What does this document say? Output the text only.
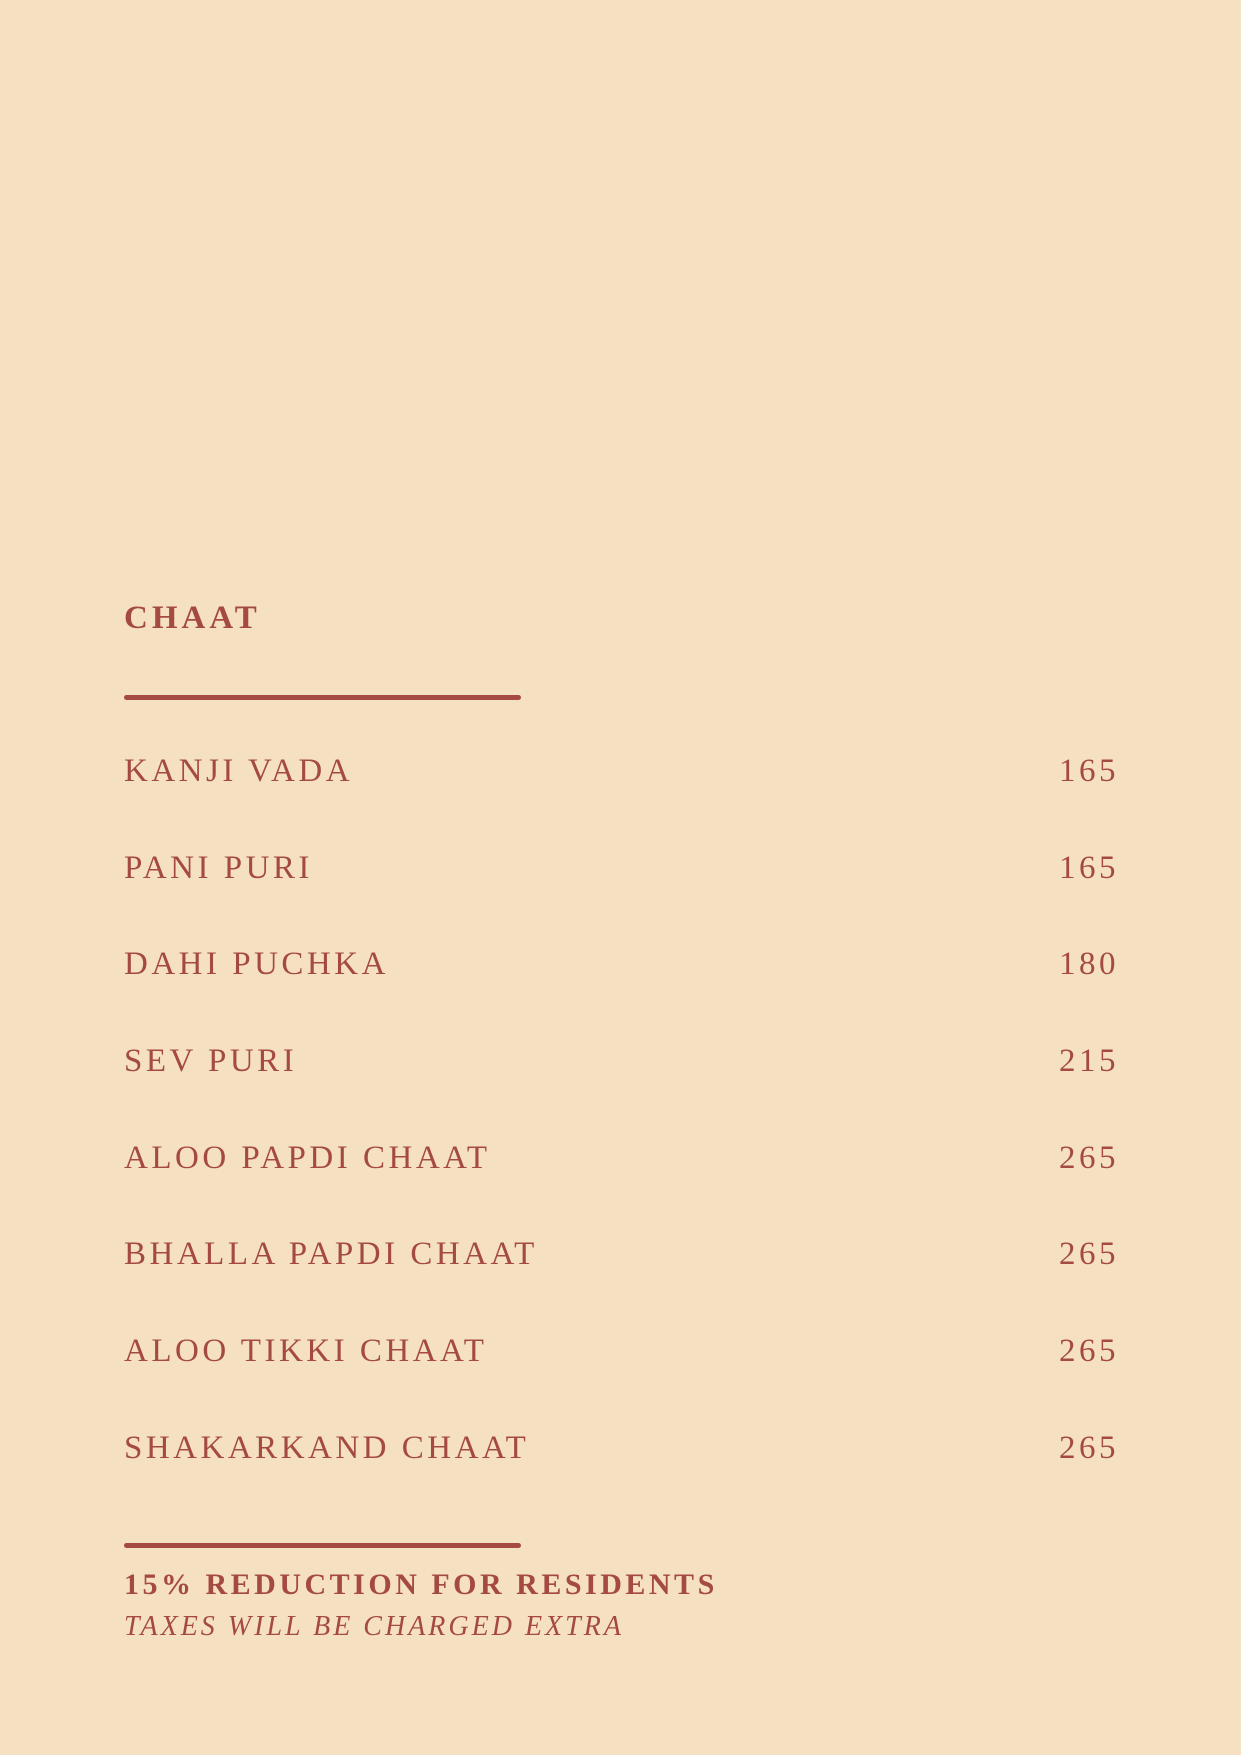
CHAAT
KANJI VADA	165
PANI PURI	165
DAHI PUCHKA	180
SEV PURI	215
ALOO PAPDI CHAAT	265
BHALLA PAPDI CHAAT	265
ALOO TIKKI CHAAT	265
SHAKARKAND CHAAT	265

15% REDUCTION FOR RESIDENTS

TAXES WILL BE CHARGED EXTRA
